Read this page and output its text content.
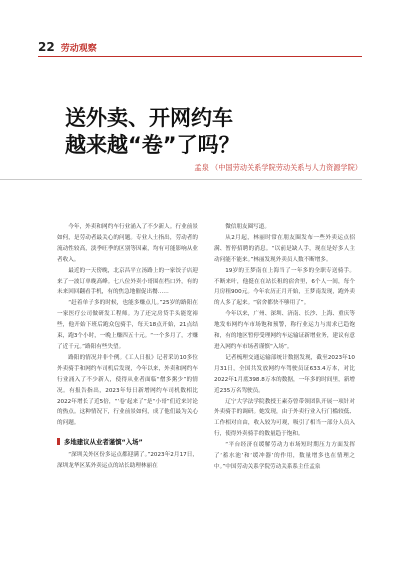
22 劳动观察
送外卖、开网约车
越来越“卷”了吗？
孟泉 （中国劳动关系学院劳动关系与人力资源学院）

今年，外卖和网约车行业涌入了不少新人。行业前景如何，是劳动者最关心的问题。专业人士指出，劳动者的流动性较高，淡季旺季的区别等因素，均有可能影响从业者收入。

最近的一天傍晚，北京昌平立汤路上的一家饺子店迎来了一波订单晚高峰。七八位外卖小哥围在档口外，有的未来回回翻看手机，有的焦急地催促出餐……

“赶着单子多的时候，也能多赚点儿。”25岁的路阳在一家医疗公司做研发工程师。为了还完房贷手头能宽裕些，他开始下班后跑众包骑手，每天18点开始，21点结束，跑3个小时，一晚上赚四五十元。“一个多月了，才赚了近千元。”路阳有些失望。

路阳的情况并非个例。《工人日报》记者采访10多位外卖骑手和网约车司机后发现，今年以来，外卖和网约车行业涌入了不少新人，使得从业者面临“僧多粥少”的情况。有报告指出，2023年每日新增网约车司机数相比2022年增长了近5倍，“‘卷’起来了”是“小哥”们近来讨论的热点。这种情况下，行业前景如何，成了他们最为关心的问题。

多地建议从业者谨慎“入场”

“深圳关外区份多运点都迎满了。”2023年2月17日，深圳龙华区某外卖运点的站长助理林丽在

微信朋友圈写道。

从2月起，林丽时常在朋友圈发布一些外卖运点招满、暂停招聘的消息。“以前是缺人手，现在是好多人主动问能不能来。”林丽发现外卖员人数不断增多。

19岁的王梦南在上海当了一年多的全职专送骑手。不断来叶，他挺在在站长租的宿舍里，6个人一间，每个月房租900元。今年农历正月开始，王梦南发现，跑外卖的人多了起来。“宿舍都快不够用了”。

今年以来，广州、深圳、济南、长沙、上海、重庆等地发布网约车市场饱和预警，称行业运力与需求已趋饱和，有的地区暂停受理网约车运输证新增业务，建议有意进入网约车市场者谨慎“入场”。

记者梳理交通运输部统计数据发现，截至2023年10月31日，全国共发放网约车驾驶员证633.4万本，对比2022年1月底398.8万本的数据，一年多的时间里，新增近235万名驾驶员。

辽宁大学法学院教授王素芬曾带领团队开展一项针对外卖骑手的调研。她发现，由于外卖行业入行门槛较低、工作相对自由，收入较为可观，吸引了相当一部分人员入行，使得外卖骑手的数量趋于饱和。

“平台经济在缓解劳动力市场短时期压力方面发挥了‘蓄水池’和‘缓冲器’的作用，数量增多也在情理之中。”中国劳动关系学院劳动关系系主任孟泉
